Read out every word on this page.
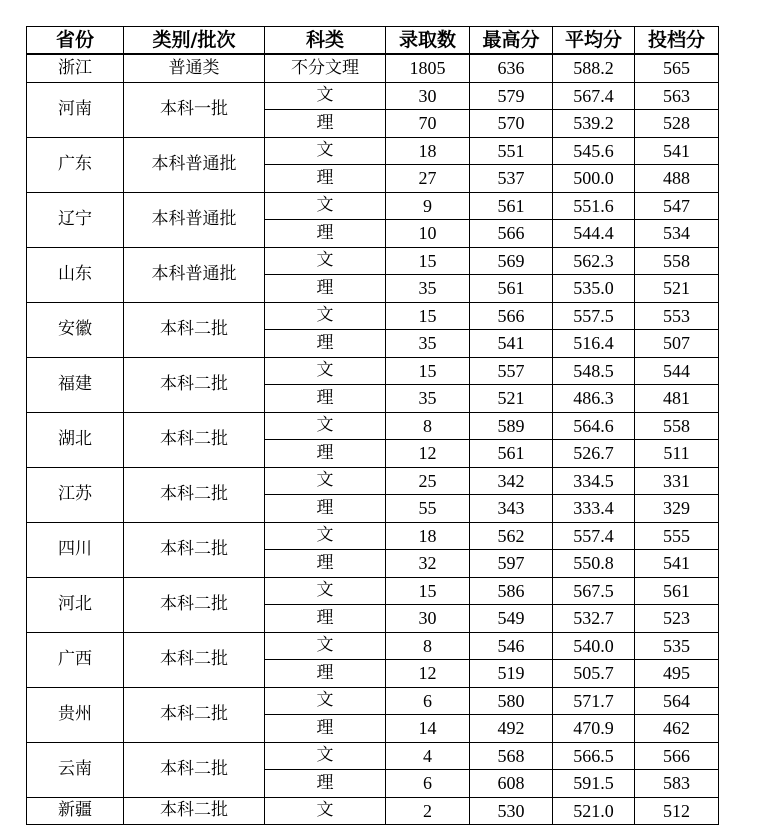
省份	类别/批次	科类	录取数	最高分	平均分	投档分
浙江	普通类	不分文理	1805	636	588.2	565
河南	本科一批	文	30	579	567.4	563
		理	70	570	539.2	528
广东	本科普通批	文	18	551	545.6	541
		理	27	537	500.0	488
辽宁	本科普通批	文	9	561	551.6	547
		理	10	566	544.4	534
山东	本科普通批	文	15	569	562.3	558
		理	35	561	535.0	521
安徽	本科二批	文	15	566	557.5	553
		理	35	541	516.4	507
福建	本科二批	文	15	557	548.5	544
		理	35	521	486.3	481
湖北	本科二批	文	8	589	564.6	558
		理	12	561	526.7	511
江苏	本科二批	文	25	342	334.5	331
		理	55	343	333.4	329
四川	本科二批	文	18	562	557.4	555
		理	32	597	550.8	541
河北	本科二批	文	15	586	567.5	561
		理	30	549	532.7	523
广西	本科二批	文	8	546	540.0	535
		理	12	519	505.7	495
贵州	本科二批	文	6	580	571.7	564
		理	14	492	470.9	462
云南	本科二批	文	4	568	566.5	566
		理	6	608	591.5	583
新疆	本科二批	文	2	530	521.0	512
